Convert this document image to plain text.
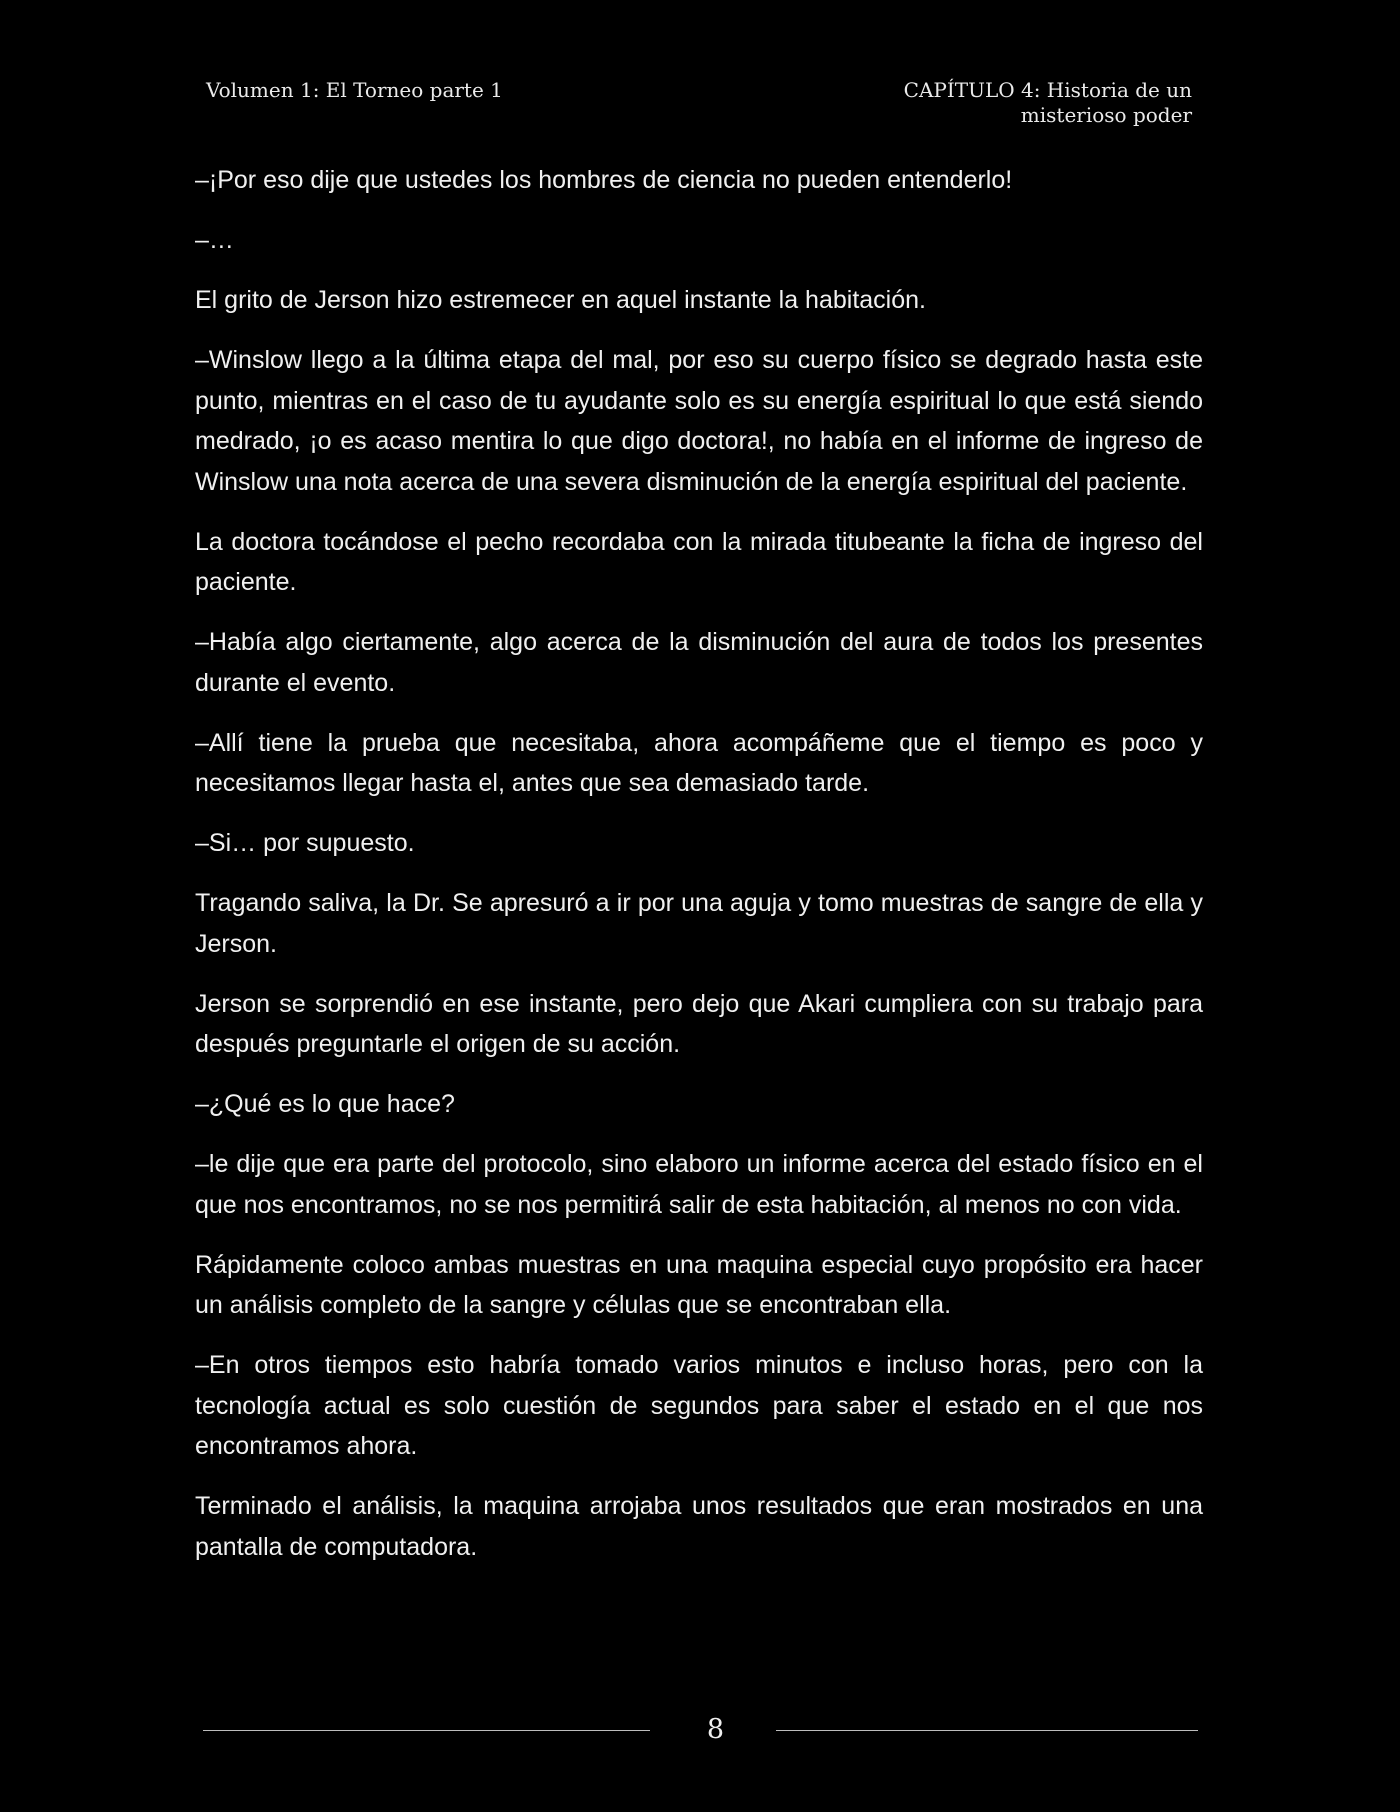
Volumen 1: El Torneo parte 1	CAPÍTULO 4: Historia de un
misterioso poder

–¡Por eso dije que ustedes los hombres de ciencia no pueden entenderlo!

–…

El grito de Jerson hizo estremecer en aquel instante la habitación.

–Winslow llego a la última etapa del mal, por eso su cuerpo físico se degrado hasta este punto, mientras en el caso de tu ayudante solo es su energía espiritual lo que está siendo medrado, ¡o es acaso mentira lo que digo doctora!, no había en el informe de ingreso de Winslow una nota acerca de una severa disminución de la energía espiritual del paciente.

La doctora tocándose el pecho recordaba con la mirada titubeante la ficha de ingreso del paciente.

–Había algo ciertamente, algo acerca de la disminución del aura de todos los presentes durante el evento.

–Allí tiene la prueba que necesitaba, ahora acompáñeme que el tiempo es poco y necesitamos llegar hasta el, antes que sea demasiado tarde.

–Si… por supuesto.

Tragando saliva, la Dr. Se apresuró a ir por una aguja y tomo muestras de sangre de ella y Jerson.

Jerson se sorprendió en ese instante, pero dejo que Akari cumpliera con su trabajo para después preguntarle el origen de su acción.

–¿Qué es lo que hace?

–le dije que era parte del protocolo, sino elaboro un informe acerca del estado físico en el que nos encontramos, no se nos permitirá salir de esta habitación, al menos no con vida.

Rápidamente coloco ambas muestras en una maquina especial cuyo propósito era hacer un análisis completo de la sangre y células que se encontraban ella.

–En otros tiempos esto habría tomado varios minutos e incluso horas, pero con la tecnología actual es solo cuestión de segundos para saber el estado en el que nos encontramos ahora.

Terminado el análisis, la maquina arrojaba unos resultados que eran mostrados en una pantalla de computadora.

8
